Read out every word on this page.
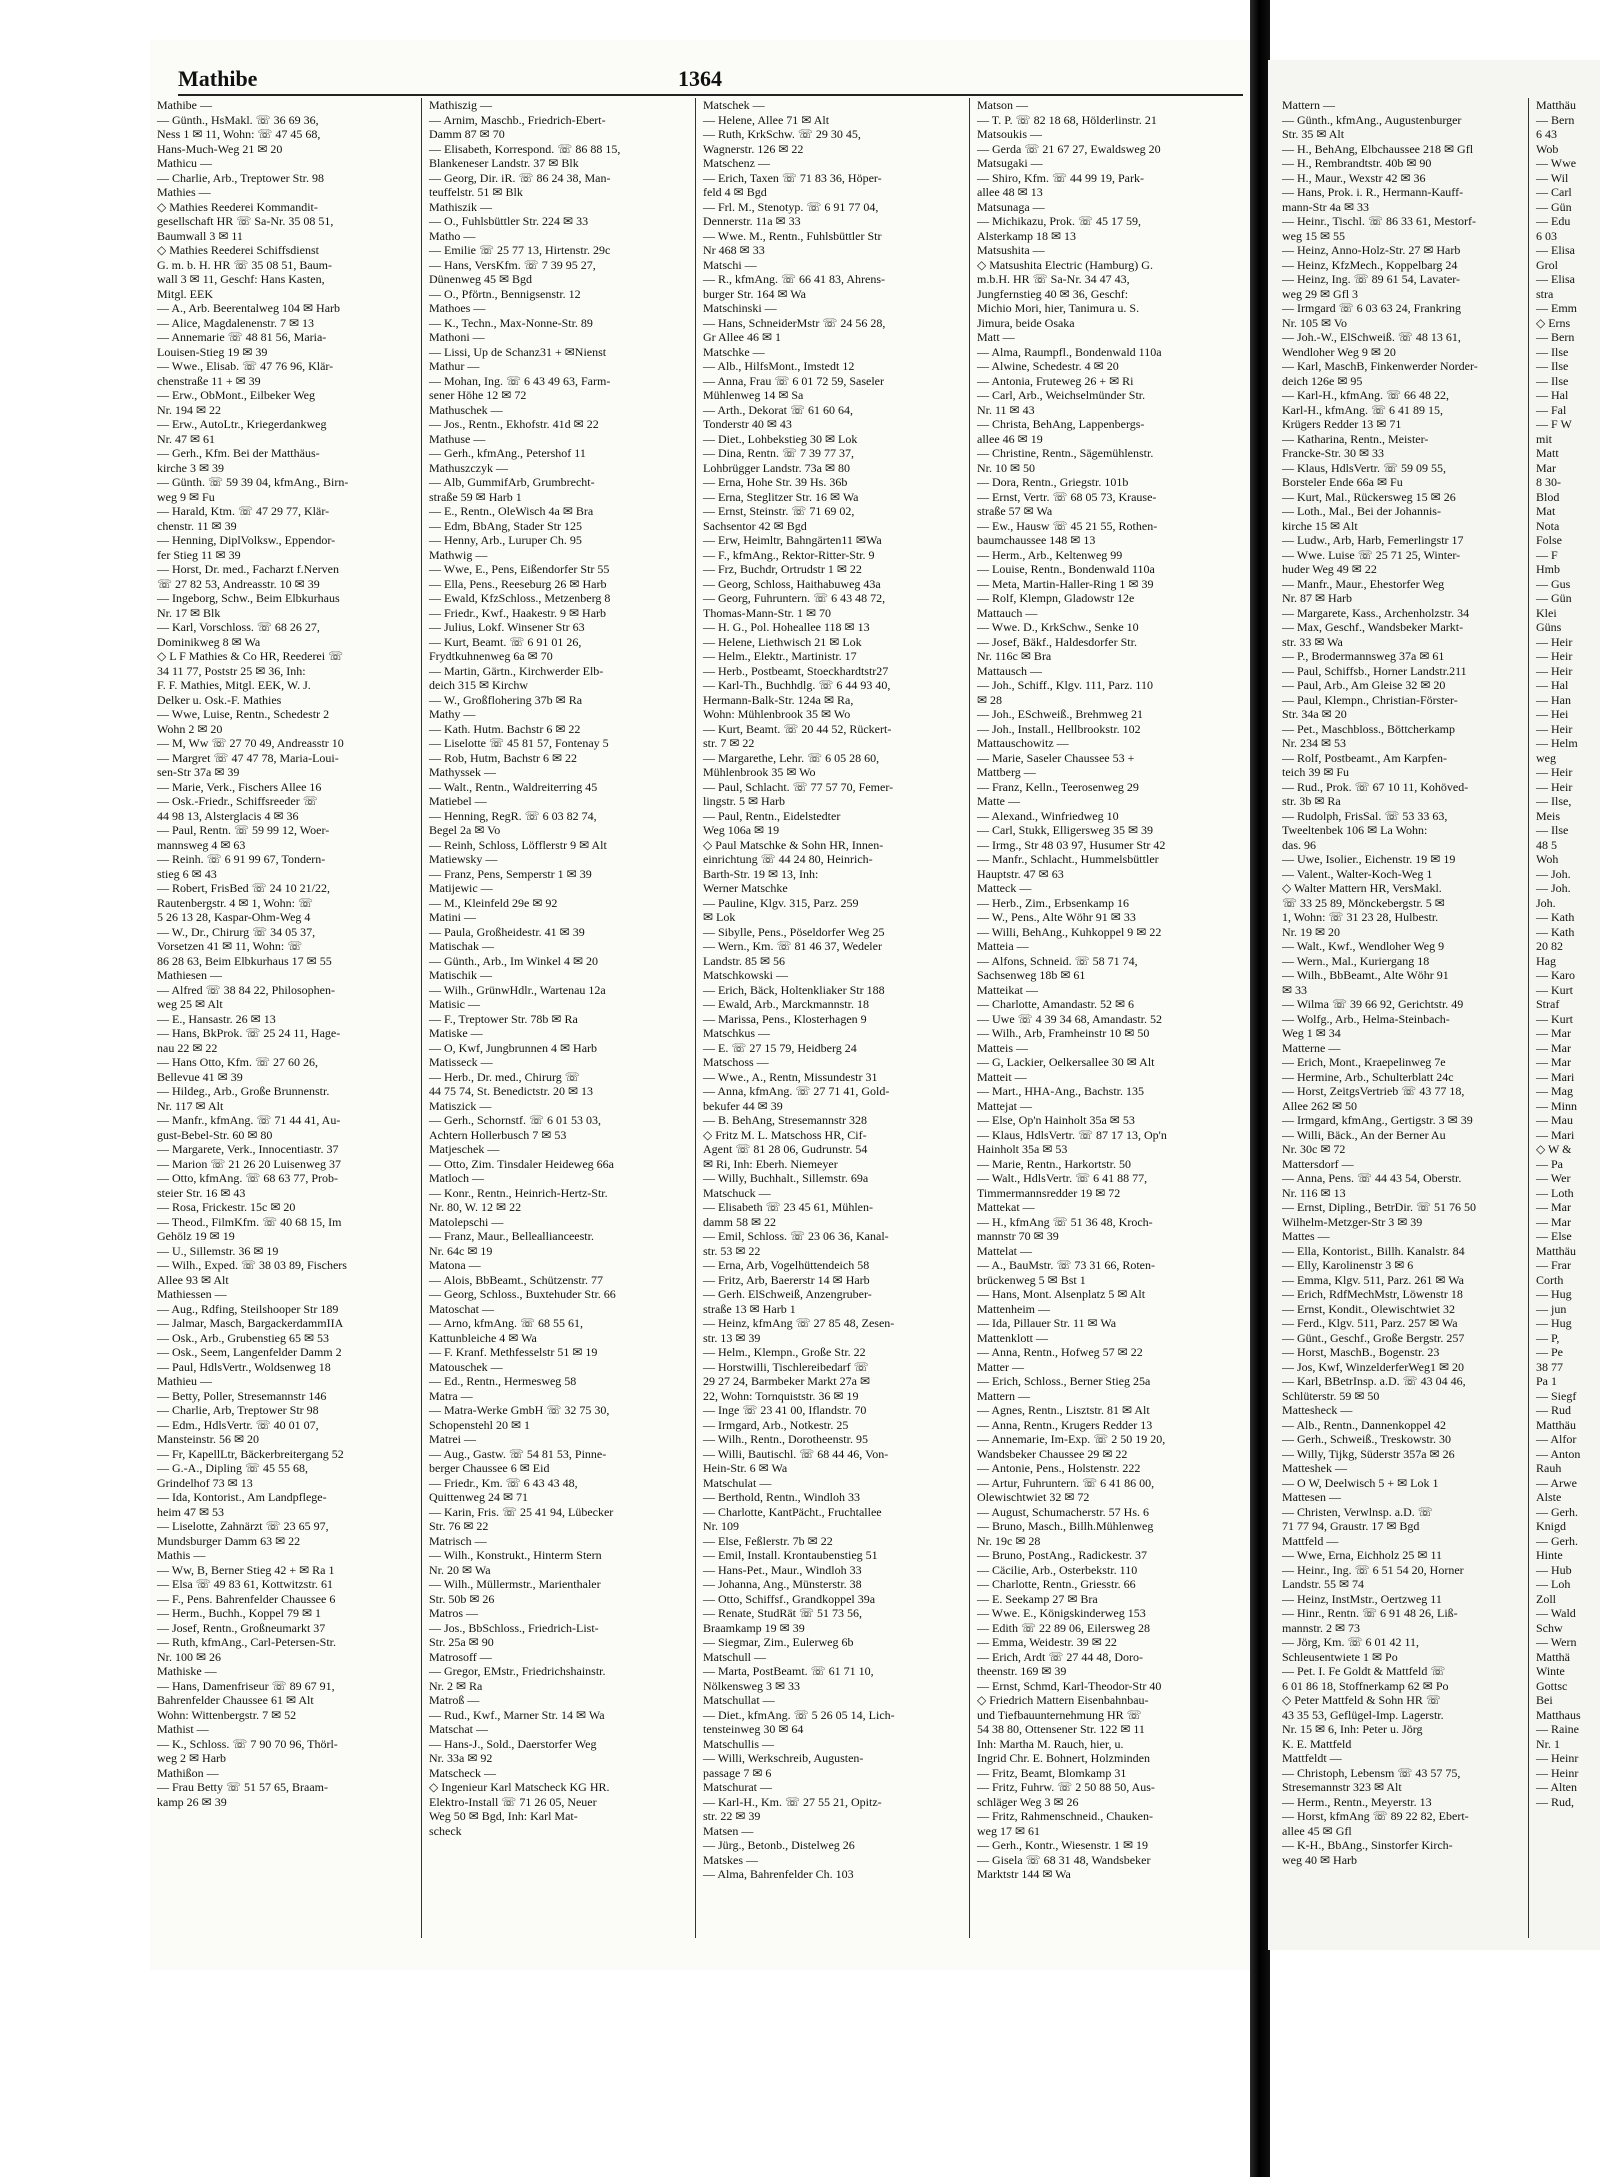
Mathibe	1364

Mathibe —

— Günth., HsMakl. ☏ 36 69 36,

Ness 1 ✉ 11, Wohn: ☏ 47 45 68,

Hans-Much-Weg 21 ✉ 20

Mathicu —

— Charlie, Arb., Treptower Str. 98

Mathies —

◇ Mathies Reederei Kommandit-

gesellschaft HR ☏ Sa-Nr. 35 08 51,

Baumwall 3 ✉ 11

◇ Mathies Reederei Schiffsdienst

G. m. b. H. HR ☏ 35 08 51, Baum-

wall 3 ✉ 11, Geschf: Hans Kasten,

Mitgl. EEK

— A., Arb. Beerentalweg 104 ✉ Harb

— Alice, Magdalenenstr. 7 ✉ 13

— Annemarie ☏ 48 81 56, Maria-

Louisen-Stieg 19 ✉ 39

— Wwe., Elisab. ☏ 47 76 96, Klär-

chenstraße 11 + ✉ 39

— Erw., ObMont., Eilbeker Weg

Nr. 194 ✉ 22

— Erw., AutoLtr., Kriegerdankweg

Nr. 47 ✉ 61

— Gerh., Kfm. Bei der Matthäus-

kirche 3 ✉ 39

— Günth. ☏ 59 39 04, kfmAng., Birn-

weg 9 ✉ Fu

— Harald, Ktm. ☏ 47 29 77, Klär-

chenstr. 11 ✉ 39

— Henning, DiplVolksw., Eppendor-

fer Stieg 11 ✉ 39

— Horst, Dr. med., Facharzt f.Nerven

☏ 27 82 53, Andreasstr. 10 ✉ 39

— Ingeborg, Schw., Beim Elbkurhaus

Nr. 17 ✉ Blk

— Karl, Vorschloss. ☏ 68 26 27,

Dominikweg 8 ✉ Wa

◇ L F Mathies & Co HR, Reederei ☏

34 11 77, Poststr 25 ✉ 36, Inh:

F. F. Mathies, Mitgl. EEK, W. J.

Delker u. Osk.-F. Mathies

— Wwe, Luise, Rentn., Schedestr 2

Wohn 2 ✉ 20

— M, Ww ☏ 27 70 49, Andreasstr 10

— Margret ☏ 47 47 78, Maria-Loui-

sen-Str 37a ✉ 39

— Marie, Verk., Fischers Allee 16

— Osk.-Friedr., Schiffsreeder ☏

44 98 13, Alsterglacis 4 ✉ 36

— Paul, Rentn. ☏ 59 99 12, Woer-

mannsweg 4 ✉ 63

— Reinh. ☏ 6 91 99 67, Tondern-

stieg 6 ✉ 43

— Robert, FrisBed ☏ 24 10 21/22,

Rautenbergstr. 4 ✉ 1, Wohn: ☏

5 26 13 28, Kaspar-Ohm-Weg 4

— W., Dr., Chirurg ☏ 34 05 37,

Vorsetzen 41 ✉ 11, Wohn: ☏

86 28 63, Beim Elbkurhaus 17 ✉ 55

Mathiesen —

— Alfred ☏ 38 84 22, Philosophen-

weg 25 ✉ Alt

— E., Hansastr. 26 ✉ 13

— Hans, BkProk. ☏ 25 24 11, Hage-

nau 22 ✉ 22

— Hans Otto, Kfm. ☏ 27 60 26,

Bellevue 41 ✉ 39

— Hildeg., Arb., Große Brunnenstr.

Nr. 117 ✉ Alt

— Manfr., kfmAng. ☏ 71 44 41, Au-

gust-Bebel-Str. 60 ✉ 80

— Margarete, Verk., Innocentiastr. 37

— Marion ☏ 21 26 20 Luisenweg 37

— Otto, kfmAng. ☏ 68 63 77, Prob-

steier Str. 16 ✉ 43

— Rosa, Frickestr. 15c ✉ 20

— Theod., FilmKfm. ☏ 40 68 15, Im

Gehölz 19 ✉ 19

— U., Sillemstr. 36 ✉ 19

— Wilh., Exped. ☏ 38 03 89, Fischers

Allee 93 ✉ Alt

Mathiessen —

— Aug., Rdfing, Steilshooper Str 189

— Jalmar, Masch, BargackerdammIIA

— Osk., Arb., Grubenstieg 65 ✉ 53

— Osk., Seem, Langenfelder Damm 2

— Paul, HdlsVertr., Woldsenweg 18

Mathieu —

— Betty, Poller, Stresemannstr 146

— Charlie, Arb, Treptower Str 98

— Edm., HdlsVertr. ☏ 40 01 07,

Mansteinstr. 56 ✉ 20

— Fr, KapellLtr, Bäckerbreitergang 52

— G.-A., Dipling ☏ 45 55 68,

Grindelhof 73 ✉ 13

— Ida, Kontorist., Am Landpflege-

heim 47 ✉ 53

— Liselotte, Zahnärzt ☏ 23 65 97,

Mundsburger Damm 63 ✉ 22

Mathis —

— Ww, B, Berner Stieg 42 + ✉ Ra 1

— Elsa ☏ 49 83 61, Kottwitzstr. 61

— F., Pens. Bahrenfelder Chaussee 6

— Herm., Buchh., Koppel 79 ✉ 1

— Josef, Rentn., Großneumarkt 37

— Ruth, kfmAng., Carl-Petersen-Str.

Nr. 100 ✉ 26

Mathiske —

— Hans, Damenfriseur ☏ 89 67 91,

Bahrenfelder Chaussee 61 ✉ Alt

Wohn: Wittenbergstr. 7 ✉ 52

Mathist —

— K., Schloss. ☏ 7 90 70 96, Thörl-

weg 2 ✉ Harb

Mathißon —

— Frau Betty ☏ 51 57 65, Braam-

kamp 26 ✉ 39

Mathiszig —

— Arnim, Maschb., Friedrich-Ebert-

Damm 87 ✉ 70

— Elisabeth, Korrespond. ☏ 86 88 15,

Blankeneser Landstr. 37 ✉ Blk

— Georg, Dir. iR. ☏ 86 24 38, Man-

teuffelstr. 51 ✉ Blk

Mathiszik —

— O., Fuhlsbüttler Str. 224 ✉ 33

Matho —

— Emilie ☏ 25 77 13, Hirtenstr. 29c

— Hans, VersKfm. ☏ 7 39 95 27,

Dünenweg 45 ✉ Bgd

— O., Pförtn., Bennigsenstr. 12

Mathoes —

— K., Techn., Max-Nonne-Str. 89

Mathoni —

— Lissi, Up de Schanz31 + ✉Nienst

Mathur —

— Mohan, Ing. ☏ 6 43 49 63, Farm-

sener Höhe 12 ✉ 72

Mathuschek —

— Jos., Rentn., Ekhofstr. 41d ✉ 22

Mathuse —

— Gerh., kfmAng., Petershof 11

Mathuszczyk —

— Alb, GummifArb, Grumbrecht-

straße 59 ✉ Harb 1

— E., Rentn., OleWisch 4a ✉ Bra

— Edm, BbAng, Stader Str 125

— Henny, Arb., Luruper Ch. 95

Mathwig —

— Wwe, E., Pens, Eißendorfer Str 55

— Ella, Pens., Reeseburg 26 ✉ Harb

— Ewald, KfzSchloss., Metzenberg 8

— Friedr., Kwf., Haakestr. 9 ✉ Harb

— Julius, Lokf. Winsener Str 63

— Kurt, Beamt. ☏ 6 91 01 26,

Frydtkuhnenweg 6a ✉ 70

— Martin, Gärtn., Kirchwerder Elb-

deich 315 ✉ Kirchw

— W., Großflohering 37b ✉ Ra

Mathy —

— Kath. Hutm. Bachstr 6 ✉ 22

— Liselotte ☏ 45 81 57, Fontenay 5

— Rob, Hutm, Bachstr 6 ✉ 22

Mathyssek —

— Walt., Rentn., Waldreiterring 45

Matiebel —

— Henning, RegR. ☏ 6 03 82 74,

Begel 2a ✉ Vo

— Reinh, Schloss, Löfflerstr 9 ✉ Alt

Matiewsky —

— Franz, Pens, Semperstr 1 ✉ 39

Matijewic —

— M., Kleinfeld 29e ✉ 92

Matini —

— Paula, Großheidestr. 41 ✉ 39

Matischak —

— Günth., Arb., Im Winkel 4 ✉ 20

Matischik —

— Wilh., GrünwHdlr., Wartenau 12a

Matisic —

— F., Treptower Str. 78b ✉ Ra

Matiske —

— O, Kwf, Jungbrunnen 4 ✉ Harb

Matisseck —

— Herb., Dr. med., Chirurg ☏

44 75 74, St. Benedictstr. 20 ✉ 13

Matiszick —

— Gerh., Schornstf. ☏ 6 01 53 03,

Achtern Hollerbusch 7 ✉ 53

Matjeschek —

— Otto, Zim. Tinsdaler Heideweg 66a

Matloch —

— Konr., Rentn., Heinrich-Hertz-Str.

Nr. 80, W. 12 ✉ 22

Matolepschi —

— Franz, Maur., Belleallianceestr.

Nr. 64c ✉ 19

Matona —

— Alois, BbBeamt., Schützenstr. 77

— Georg, Schloss., Buxtehuder Str. 66

Matoschat —

— Arno, kfmAng. ☏ 68 55 61,

Kattunbleiche 4 ✉ Wa

— F. Kranf. Methfesselstr 51 ✉ 19

Matouschek —

— Ed., Rentn., Hermesweg 58

Matra —

— Matra-Werke GmbH ☏ 32 75 30,

Schopenstehl 20 ✉ 1

Matrei —

— Aug., Gastw. ☏ 54 81 53, Pinne-

berger Chaussee 6 ✉ Eid

— Friedr., Km. ☏ 6 43 43 48,

Quittenweg 24 ✉ 71

— Karin, Fris. ☏ 25 41 94, Lübecker

Str. 76 ✉ 22

Matrisch —

— Wilh., Konstrukt., Hinterm Stern

Nr. 20 ✉ Wa

— Wilh., Müllermstr., Marienthaler

Str. 50b ✉ 26

Matros —

— Jos., BbSchloss., Friedrich-List-

Str. 25a ✉ 90

Matrosoff —

— Gregor, EMstr., Friedrichshainstr.

Nr. 2 ✉ Ra

Matroß —

— Rud., Kwf., Marner Str. 14 ✉ Wa

Matschat —

— Hans-J., Sold., Daerstorfer Weg

Nr. 33a ✉ 92

Matscheck —

◇ Ingenieur Karl Matscheck KG HR.

Elektro-Install ☏ 71 26 05, Neuer

Weg 50 ✉ Bgd, Inh: Karl Mat-

scheck

Matschek —

— Helene, Allee 71 ✉ Alt

— Ruth, KrkSchw. ☏ 29 30 45,

Wagnerstr. 126 ✉ 22

Matschenz —

— Erich, Taxen ☏ 71 83 36, Höper-

feld 4 ✉ Bgd

— Frl. M., Stenotyp. ☏ 6 91 77 04,

Dennerstr. 11a ✉ 33

— Wwe. M., Rentn., Fuhlsbüttler Str

Nr 468 ✉ 33

Matschi —

— R., kfmAng. ☏ 66 41 83, Ahrens-

burger Str. 164 ✉ Wa

Matschinski —

— Hans, SchneiderMstr ☏ 24 56 28,

Gr Allee 46 ✉ 1

Matschke —

— Alb., HilfsMont., Imstedt 12

— Anna, Frau ☏ 6 01 72 59, Saseler

Mühlenweg 14 ✉ Sa

— Arth., Dekorat ☏ 61 60 64,

Tonderstr 40 ✉ 43

— Diet., Lohbekstieg 30 ✉ Lok

— Dina, Rentn. ☏ 7 39 77 37,

Lohbrügger Landstr. 73a ✉ 80

— Erna, Hohe Str. 39 Hs. 36b

— Erna, Steglitzer Str. 16 ✉ Wa

— Ernst, Steinstr. ☏ 71 69 02,

Sachsentor 42 ✉ Bgd

— Erw, Heimltr, Bahngärten11 ✉Wa

— F., kfmAng., Rektor-Ritter-Str. 9

— Frz, Buchdr, Ortrudstr 1 ✉ 22

— Georg, Schloss, Haithabuweg 43a

— Georg, Fuhruntern. ☏ 6 43 48 72,

Thomas-Mann-Str. 1 ✉ 70

— H. G., Pol. Hoheallee 118 ✉ 13

— Helene, Liethwisch 21 ✉ Lok

— Helm., Elektr., Martinistr. 17

— Herb., Postbeamt, Stoeckhardtstr27

— Karl-Th., Buchhdlg. ☏ 6 44 93 40,

Hermann-Balk-Str. 124a ✉ Ra,

Wohn: Mühlenbrook 35 ✉ Wo

— Kurt, Beamt. ☏ 20 44 52, Rückert-

str. 7 ✉ 22

— Margarethe, Lehr. ☏ 6 05 28 60,

Mühlenbrook 35 ✉ Wo

— Paul, Schlacht. ☏ 77 57 70, Femer-

lingstr. 5 ✉ Harb

— Paul, Rentn., Eidelstedter

Weg 106a ✉ 19

◇ Paul Matschke & Sohn HR, Innen-

einrichtung ☏ 44 24 80, Heinrich-

Barth-Str. 19 ✉ 13, Inh:

Werner Matschke

— Pauline, Klgv. 315, Parz. 259

✉ Lok

— Sibylle, Pens., Pöseldorfer Weg 25

— Wern., Km. ☏ 81 46 37, Wedeler

Landstr. 85 ✉ 56

Matschkowski —

— Erich, Bäck, Holtenkliaker Str 188

— Ewald, Arb., Marckmannstr. 18

— Marissa, Pens., Klosterhagen 9

Matschkus —

— E. ☏ 27 15 79, Heidberg 24

Matschoss —

— Wwe., A., Rentn, Missundestr 31

— Anna, kfmAng. ☏ 27 71 41, Gold-

bekufer 44 ✉ 39

— B. BehAng, Stresemannstr 328

◇ Fritz M. L. Matschoss HR, Cif-

Agent ☏ 81 28 06, Gudrunstr. 54

✉ Ri, Inh: Eberh. Niemeyer

— Willy, Buchhalt., Sillemstr. 69a

Matschuck —

— Elisabeth ☏ 23 45 61, Mühlen-

damm 58 ✉ 22

— Emil, Schloss. ☏ 23 06 36, Kanal-

str. 53 ✉ 22

— Erna, Arb, Vogelhüttendeich 58

— Fritz, Arb, Baererstr 14 ✉ Harb

— Gerh. ElSchweiß, Anzengruber-

straße 13 ✉ Harb 1

— Heinz, kfmAng ☏ 27 85 48, Zesen-

str. 13 ✉ 39

— Helm., Klempn., Große Str. 22

— Horstwilli, Tischlereibedarf ☏

29 27 24, Barmbeker Markt 27a ✉

22, Wohn: Tornquiststr. 36 ✉ 19

— Inge ☏ 23 41 00, Iflandstr. 70

— Irmgard, Arb., Notkestr. 25

— Wilh., Rentn., Dorotheenstr. 95

— Willi, Bautischl. ☏ 68 44 46, Von-

Hein-Str. 6 ✉ Wa

Matschulat —

— Berthold, Rentn., Windloh 33

— Charlotte, KantPächt., Fruchtallee

Nr. 109

— Else, Feßlerstr. 7b ✉ 22

— Emil, Install. Krontaubenstieg 51

— Hans-Pet., Maur., Windloh 33

— Johanna, Ang., Münsterstr. 38

— Otto, Schiffsf., Grandkoppel 39a

— Renate, StudRät ☏ 51 73 56,

Braamkamp 19 ✉ 39

— Siegmar, Zim., Eulerweg 6b

Matschull —

— Marta, PostBeamt. ☏ 61 71 10,

Nölkensweg 3 ✉ 33

Matschullat —

— Diet., kfmAng. ☏ 5 26 05 14, Lich-

tensteinweg 30 ✉ 64

Matschullis —

— Willi, Werkschreib, Augusten-

passage 7 ✉ 6

Matschurat —

— Karl-H., Km. ☏ 27 55 21, Opitz-

str. 22 ✉ 39

Matsen —

— Jürg., Betonb., Distelweg 26

Matskes —

— Alma, Bahrenfelder Ch. 103

Matson —

— T. P. ☏ 82 18 68, Hölderlinstr. 21

Matsoukis —

— Gerda ☏ 21 67 27, Ewaldsweg 20

Matsugaki —

— Shiro, Kfm. ☏ 44 99 19, Park-

allee 48 ✉ 13

Matsunaga —

— Michikazu, Prok. ☏ 45 17 59,

Alsterkamp 18 ✉ 13

Matsushita —

◇ Matsushita Electric (Hamburg) G.

m.b.H. HR ☏ Sa-Nr. 34 47 43,

Jungfernstieg 40 ✉ 36, Geschf:

Michio Mori, hier, Tanimura u. S.

Jimura, beide Osaka

Matt —

— Alma, Raumpfl., Bondenwald 110a

— Alwine, Schedestr. 4 ✉ 20

— Antonia, Fruteweg 26 + ✉ Ri

— Carl, Arb., Weichselmünder Str.

Nr. 11 ✉ 43

— Christa, BehAng, Lappenbergs-

allee 46 ✉ 19

— Christine, Rentn., Sägemühlenstr.

Nr. 10 ✉ 50

— Dora, Rentn., Griegstr. 101b

— Ernst, Vertr. ☏ 68 05 73, Krause-

straße 57 ✉ Wa

— Ew., Hausw ☏ 45 21 55, Rothen-

baumchaussee 148 ✉ 13

— Herm., Arb., Keltenweg 99

— Louise, Rentn., Bondenwald 110a

— Meta, Martin-Haller-Ring 1 ✉ 39

— Rolf, Klempn, Gladowstr 12e

Mattauch —

— Wwe. D., KrkSchw., Senke 10

— Josef, Bäkf., Haldesdorfer Str.

Nr. 116c ✉ Bra

Mattausch —

— Joh., Schiff., Klgv. 111, Parz. 110

✉ 28

— Joh., ESchweiß., Brehmweg 21

— Joh., Install., Hellbrookstr. 102

Mattauschowitz —

— Marie, Saseler Chaussee 53 +

Mattberg —

— Franz, Kelln., Teerosenweg 29

Matte —

— Alexand., Winfriedweg 10

— Carl, Stukk, Elligersweg 35 ✉ 39

— Irmg., Str 48 03 97, Husumer Str 42

— Manfr., Schlacht., Hummelsbüttler

Hauptstr. 47 ✉ 63

Matteck —

— Herb., Zim., Erbsenkamp 16

— W., Pens., Alte Wöhr 91 ✉ 33

— Willi, BehAng., Kuhkoppel 9 ✉ 22

Matteia —

— Alfons, Schneid. ☏ 58 71 74,

Sachsenweg 18b ✉ 61

Matteikat —

— Charlotte, Amandastr. 52 ✉ 6

— Uwe ☏ 4 39 34 68, Amandastr. 52

— Wilh., Arb, Framheinstr 10 ✉ 50

Matteis —

— G, Lackier, Oelkersallee 30 ✉ Alt

Matteit —

— Mart., HHA-Ang., Bachstr. 135

Mattejat —

— Else, Op'n Hainholt 35a ✉ 53

— Klaus, HdlsVertr. ☏ 87 17 13, Op'n

Hainholt 35a ✉ 53

— Marie, Rentn., Harkortstr. 50

— Walt., HdlsVertr. ☏ 6 41 88 77,

Timmermannsredder 19 ✉ 72

Mattekat —

— H., kfmAng ☏ 51 36 48, Kroch-

mannstr 70 ✉ 39

Mattelat —

— A., BauMstr. ☏ 73 31 66, Roten-

brückenweg 5 ✉ Bst 1

— Hans, Mont. Alsenplatz 5 ✉ Alt

Mattenheim —

— Ida, Pillauer Str. 11 ✉ Wa

Mattenklott —

— Anna, Rentn., Hofweg 57 ✉ 22

Matter —

— Erich, Schloss., Berner Stieg 25a

Mattern —

— Agnes, Rentn., Lisztstr. 81 ✉ Alt

— Anna, Rentn., Krugers Redder 13

— Annemarie, Im-Exp. ☏ 2 50 19 20,

Wandsbeker Chaussee 29 ✉ 22

— Antonie, Pens., Holstenstr. 222

— Artur, Fuhruntern. ☏ 6 41 86 00,

Olewischtwiet 32 ✉ 72

— August, Schumacherstr. 57 Hs. 6

— Bruno, Masch., Billh.Mühlenweg

Nr. 19c ✉ 28

— Bruno, PostAng., Radickestr. 37

— Cäcilie, Arb., Osterbekstr. 110

— Charlotte, Rentn., Griesstr. 66

— E. Seekamp 27 ✉ Bra

— Wwe. E., Königskinderweg 153

— Edith ☏ 22 89 06, Eilersweg 28

— Emma, Weidestr. 39 ✉ 22

— Erich, Ardt ☏ 27 44 48, Doro-

theenstr. 169 ✉ 39

— Ernst, Schmd, Karl-Theodor-Str 40

◇ Friedrich Mattern Eisenbahnbau-

und Tiefbauunternehmung HR ☏

54 38 80, Ottensener Str. 122 ✉ 11

Inh: Martha M. Rauch, hier, u.

Ingrid Chr. E. Bohnert, Holzminden

— Fritz, Beamt, Blomkamp 31

— Fritz, Fuhrw. ☏ 2 50 88 50, Aus-

schläger Weg 3 ✉ 26

— Fritz, Rahmenschneid., Chauken-

weg 17 ✉ 61

— Gerh., Kontr., Wiesenstr. 1 ✉ 19

— Gisela ☏ 68 31 48, Wandsbeker

Marktstr 144 ✉ Wa

Mattern —

— Günth., kfmAng., Augustenburger

Str. 35 ✉ Alt

— H., BehAng, Elbchaussee 218 ✉ Gfl

— H., Rembrandtstr. 40b ✉ 90

— H., Maur., Wexstr 42 ✉ 36

— Hans, Prok. i. R., Hermann-Kauff-

mann-Str 4a ✉ 33

— Heinr., Tischl. ☏ 86 33 61, Mestorf-

weg 15 ✉ 55

— Heinz, Anno-Holz-Str. 27 ✉ Harb

— Heinz, KfzMech., Koppelbarg 24

— Heinz, Ing. ☏ 89 61 54, Lavater-

weg 29 ✉ Gfl 3

— Irmgard ☏ 6 03 63 24, Frankring

Nr. 105 ✉ Vo

— Joh.-W., ElSchweiß. ☏ 48 13 61,

Wendloher Weg 9 ✉ 20

— Karl, MaschB, Finkenwerder Norder-

deich 126e ✉ 95

— Karl-H., kfmAng. ☏ 66 48 22,

Karl-H., kfmAng. ☏ 6 41 89 15,

Krügers Redder 13 ✉ 71

— Katharina, Rentn., Meister-

Francke-Str. 30 ✉ 33

— Klaus, HdlsVertr. ☏ 59 09 55,

Borsteler Ende 66a ✉ Fu

— Kurt, Mal., Rückersweg 15 ✉ 26

— Loth., Mal., Bei der Johannis-

kirche 15 ✉ Alt

— Ludw., Arb, Harb, Femerlingstr 17

— Wwe. Luise ☏ 25 71 25, Winter-

huder Weg 49 ✉ 22

— Manfr., Maur., Ehestorfer Weg

Nr. 87 ✉ Harb

— Margarete, Kass., Archenholzstr. 34

— Max, Geschf., Wandsbeker Markt-

str. 33 ✉ Wa

— P., Brodermannsweg 37a ✉ 61

— Paul, Schiffsb., Horner Landstr.211

— Paul, Arb., Am Gleise 32 ✉ 20

— Paul, Klempn., Christian-Förster-

Str. 34a ✉ 20

— Pet., Maschbloss., Böttcherkamp

Nr. 234 ✉ 53

— Rolf, Postbeamt., Am Karpfen-

teich 39 ✉ Fu

— Rud., Prok. ☏ 67 10 11, Kohöved-

str. 3b ✉ Ra

— Rudolph, FrisSal. ☏ 53 33 63,

Tweeltenbek 106 ✉ La Wohn:

das. 96

— Uwe, Isolier., Eichenstr. 19 ✉ 19

— Valent., Walter-Koch-Weg 1

◇ Walter Mattern HR, VersMakl.

☏ 33 25 89, Mönckebergstr. 5 ✉

1, Wohn: ☏ 31 23 28, Hulbestr.

Nr. 19 ✉ 20

— Walt., Kwf., Wendloher Weg 9

— Wern., Mal., Kuriergang 18

— Wilh., BbBeamt., Alte Wöhr 91

✉ 33

— Wilma ☏ 39 66 92, Gerichtstr. 49

— Wolfg., Arb., Helma-Steinbach-

Weg 1 ✉ 34

Matterne —

— Erich, Mont., Kraepelinweg 7e

— Hermine, Arb., Schulterblatt 24c

— Horst, ZeitgsVertrieb ☏ 43 77 18,

Allee 262 ✉ 50

— Irmgard, kfmAng., Gertigstr. 3 ✉ 39

— Willi, Bäck., An der Berner Au

Nr. 30c ✉ 72

Mattersdorf —

— Anna, Pens. ☏ 44 43 54, Oberstr.

Nr. 116 ✉ 13

— Ernst, Dipling., BetrDir. ☏ 51 76 50

Wilhelm-Metzger-Str 3 ✉ 39

Mattes —

— Ella, Kontorist., Billh. Kanalstr. 84

— Elly, Karolinenstr 3 ✉ 6

— Emma, Klgv. 511, Parz. 261 ✉ Wa

— Erich, RdfMechMstr, Löwenstr 18

— Ernst, Kondit., Olewischtwiet 32

— Ferd., Klgv. 511, Parz. 257 ✉ Wa

— Günt., Geschf., Große Bergstr. 257

— Horst, MaschB., Bogenstr. 23

— Jos, Kwf, WinzelderferWeg1 ✉ 20

— Karl, BBetrInsp. a.D. ☏ 43 04 46,

Schlüterstr. 59 ✉ 50

Mattesheck —

— Alb., Rentn., Dannenkoppel 42

— Gerh., Schweiß., Treskowstr. 30

— Willy, Tijkg, Süderstr 357a ✉ 26

Matteshek —

— O W, Deelwisch 5 + ✉ Lok 1

Mattesen —

— Christen, Verwlnsp. a.D. ☏

71 77 94, Graustr. 17 ✉ Bgd

Mattfeld —

— Wwe, Erna, Eichholz 25 ✉ 11

— Heinr., Ing. ☏ 6 51 54 20, Horner

Landstr. 55 ✉ 74

— Heinz, InstMstr., Oertzweg 11

— Hinr., Rentn. ☏ 6 91 48 26, Liß-

mannstr. 2 ✉ 73

— Jörg, Km. ☏ 6 01 42 11,

Schleusentwiete 1 ✉ Po

— Pet. I. Fe Goldt & Mattfeld ☏

6 01 86 18, Stoffnerkamp 62 ✉ Po

◇ Peter Mattfeld & Sohn HR ☏

43 35 53, Geflügel-Imp. Lagerstr.

Nr. 15 ✉ 6, Inh: Peter u. Jörg

K. E. Mattfeld

Mattfeldt —

— Christoph, Lebensm ☏ 43 57 75,

Stresemannstr 323 ✉ Alt

— Herm., Rentn., Meyerstr. 13

— Horst, kfmAng ☏ 89 22 82, Ebert-

allee 45 ✉ Gfl

— K-H., BbAng., Sinstorfer Kirch-

weg 40 ✉ Harb

Matthäu

— Bern

6 43

Wob

— Wwe

— Wil

— Carl

— Gün

— Edu

6 03

— Elisa

Grol

— Elisa

stra

— Emm

◇ Erns

— Bern

— Ilse

— Ilse

— Ilse

— Hal

— Fal

— F W

mit

Matt

Mar

8 30-

Blod

Mat

Nota

Folse

— F

Hmb

— Gus

— Gün

Klei

Güns

— Heir

— Heir

— Heir

— Hal

— Han

— Hei

— Heir

— Helm

weg

— Heir

— Heir

— Ilse,

Meis

— Ilse

48 5

Woh

— Joh.

— Joh.

Joh.

— Kath

— Kath

20 82

Hag

— Karo

— Kurt

Straf

— Kurt

— Mar

— Mar

— Mar

— Mari

— Mag

— Minn

— Mau

— Mari

◇ W &

— Pa

— Wer

— Loth

— Mar

— Mar

— Else

Matthäu

— Frar

Corth

— Hug

— jun

— Hug

— P,

— Pe

38 77

Pa 1

— Siegf

— Rud

Matthäu

— Alfor

— Anton

Rauh

— Arwe

Alste

— Gerh.

Knigd

— Gerh.

Hinte

— Hub

— Loh

Zoll

— Wald

Schw

— Wern

Matthä

Winte

Gottsc

Bei

Matthaus

— Raine

Nr. 1

— Heinr

— Heinr

— Alten

— Rud,
